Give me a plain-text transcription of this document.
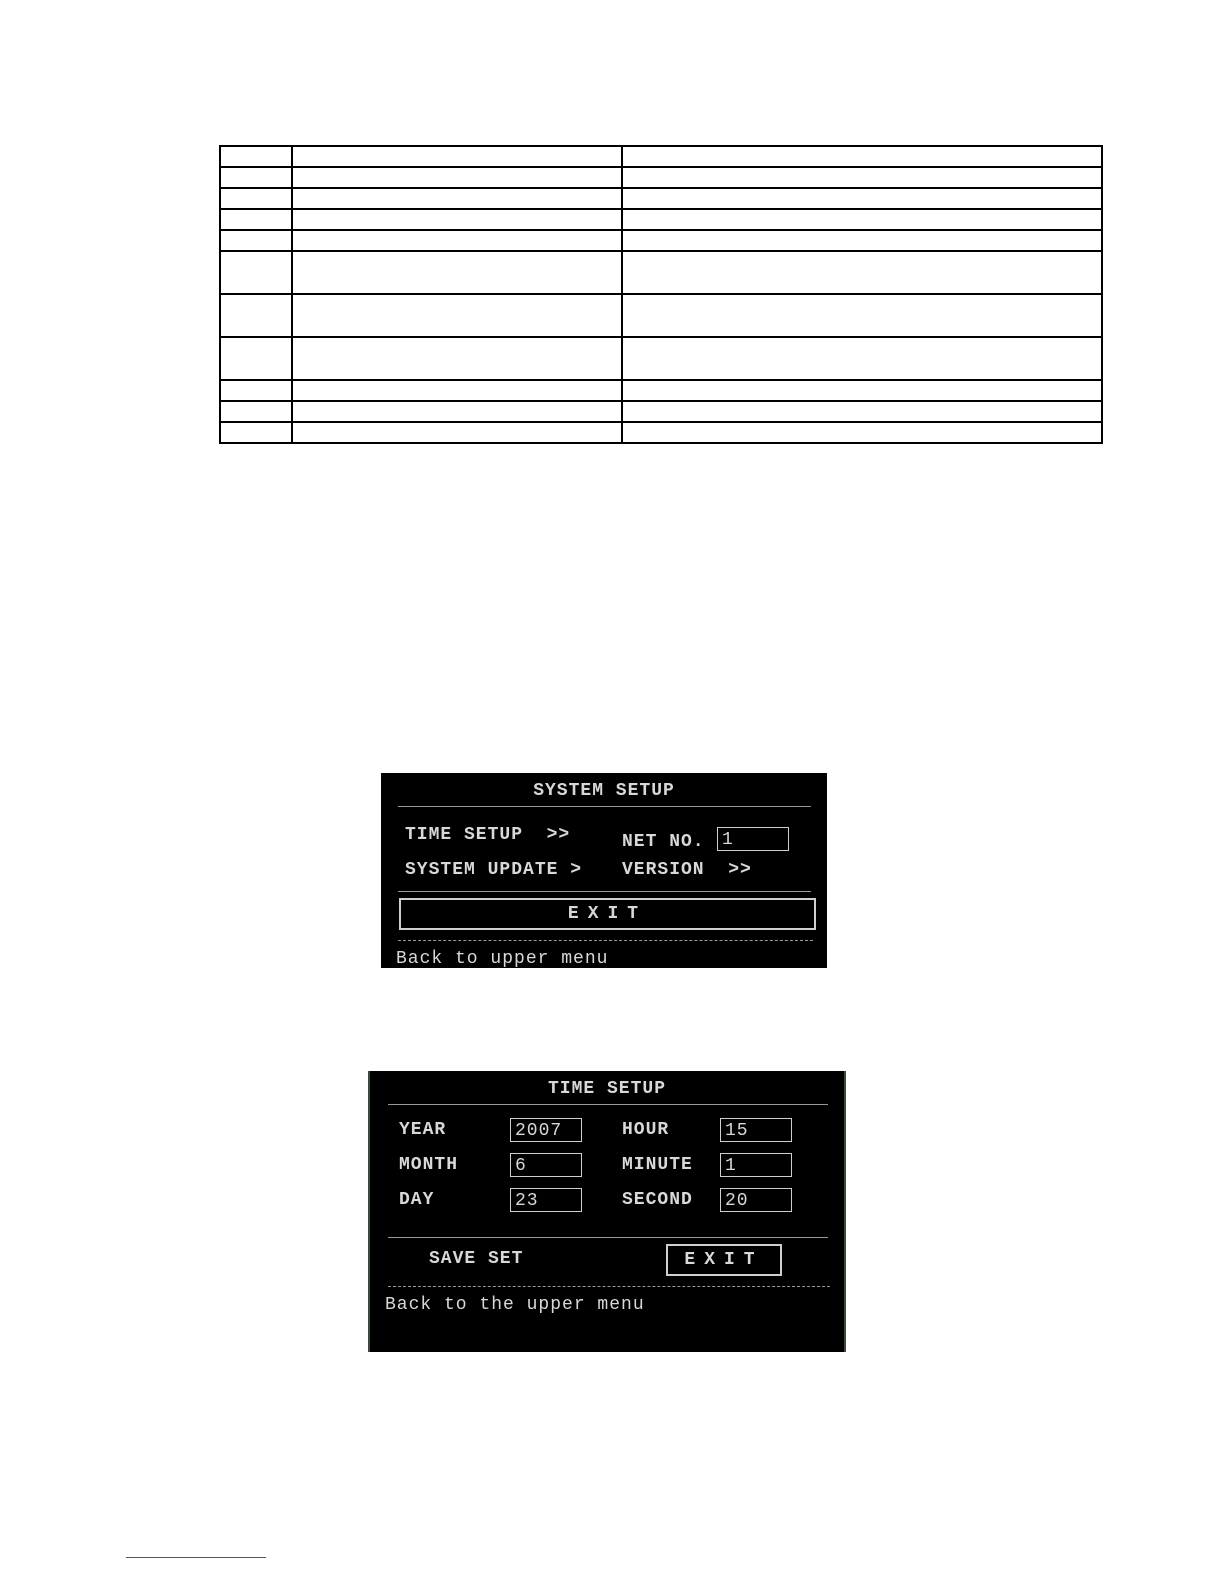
SYSTEM SETUP
TIME SETUP  >>	NET NO. 1
SYSTEM UPDATE > VERSION  >>
EXIT
Back to upper menu
TIME SETUP
YEAR	2007	HOUR	15
MONTH	6	MINUTE 1
DAY	23	SECOND 20
SAVE SET	EXIT
Back to the upper menu
